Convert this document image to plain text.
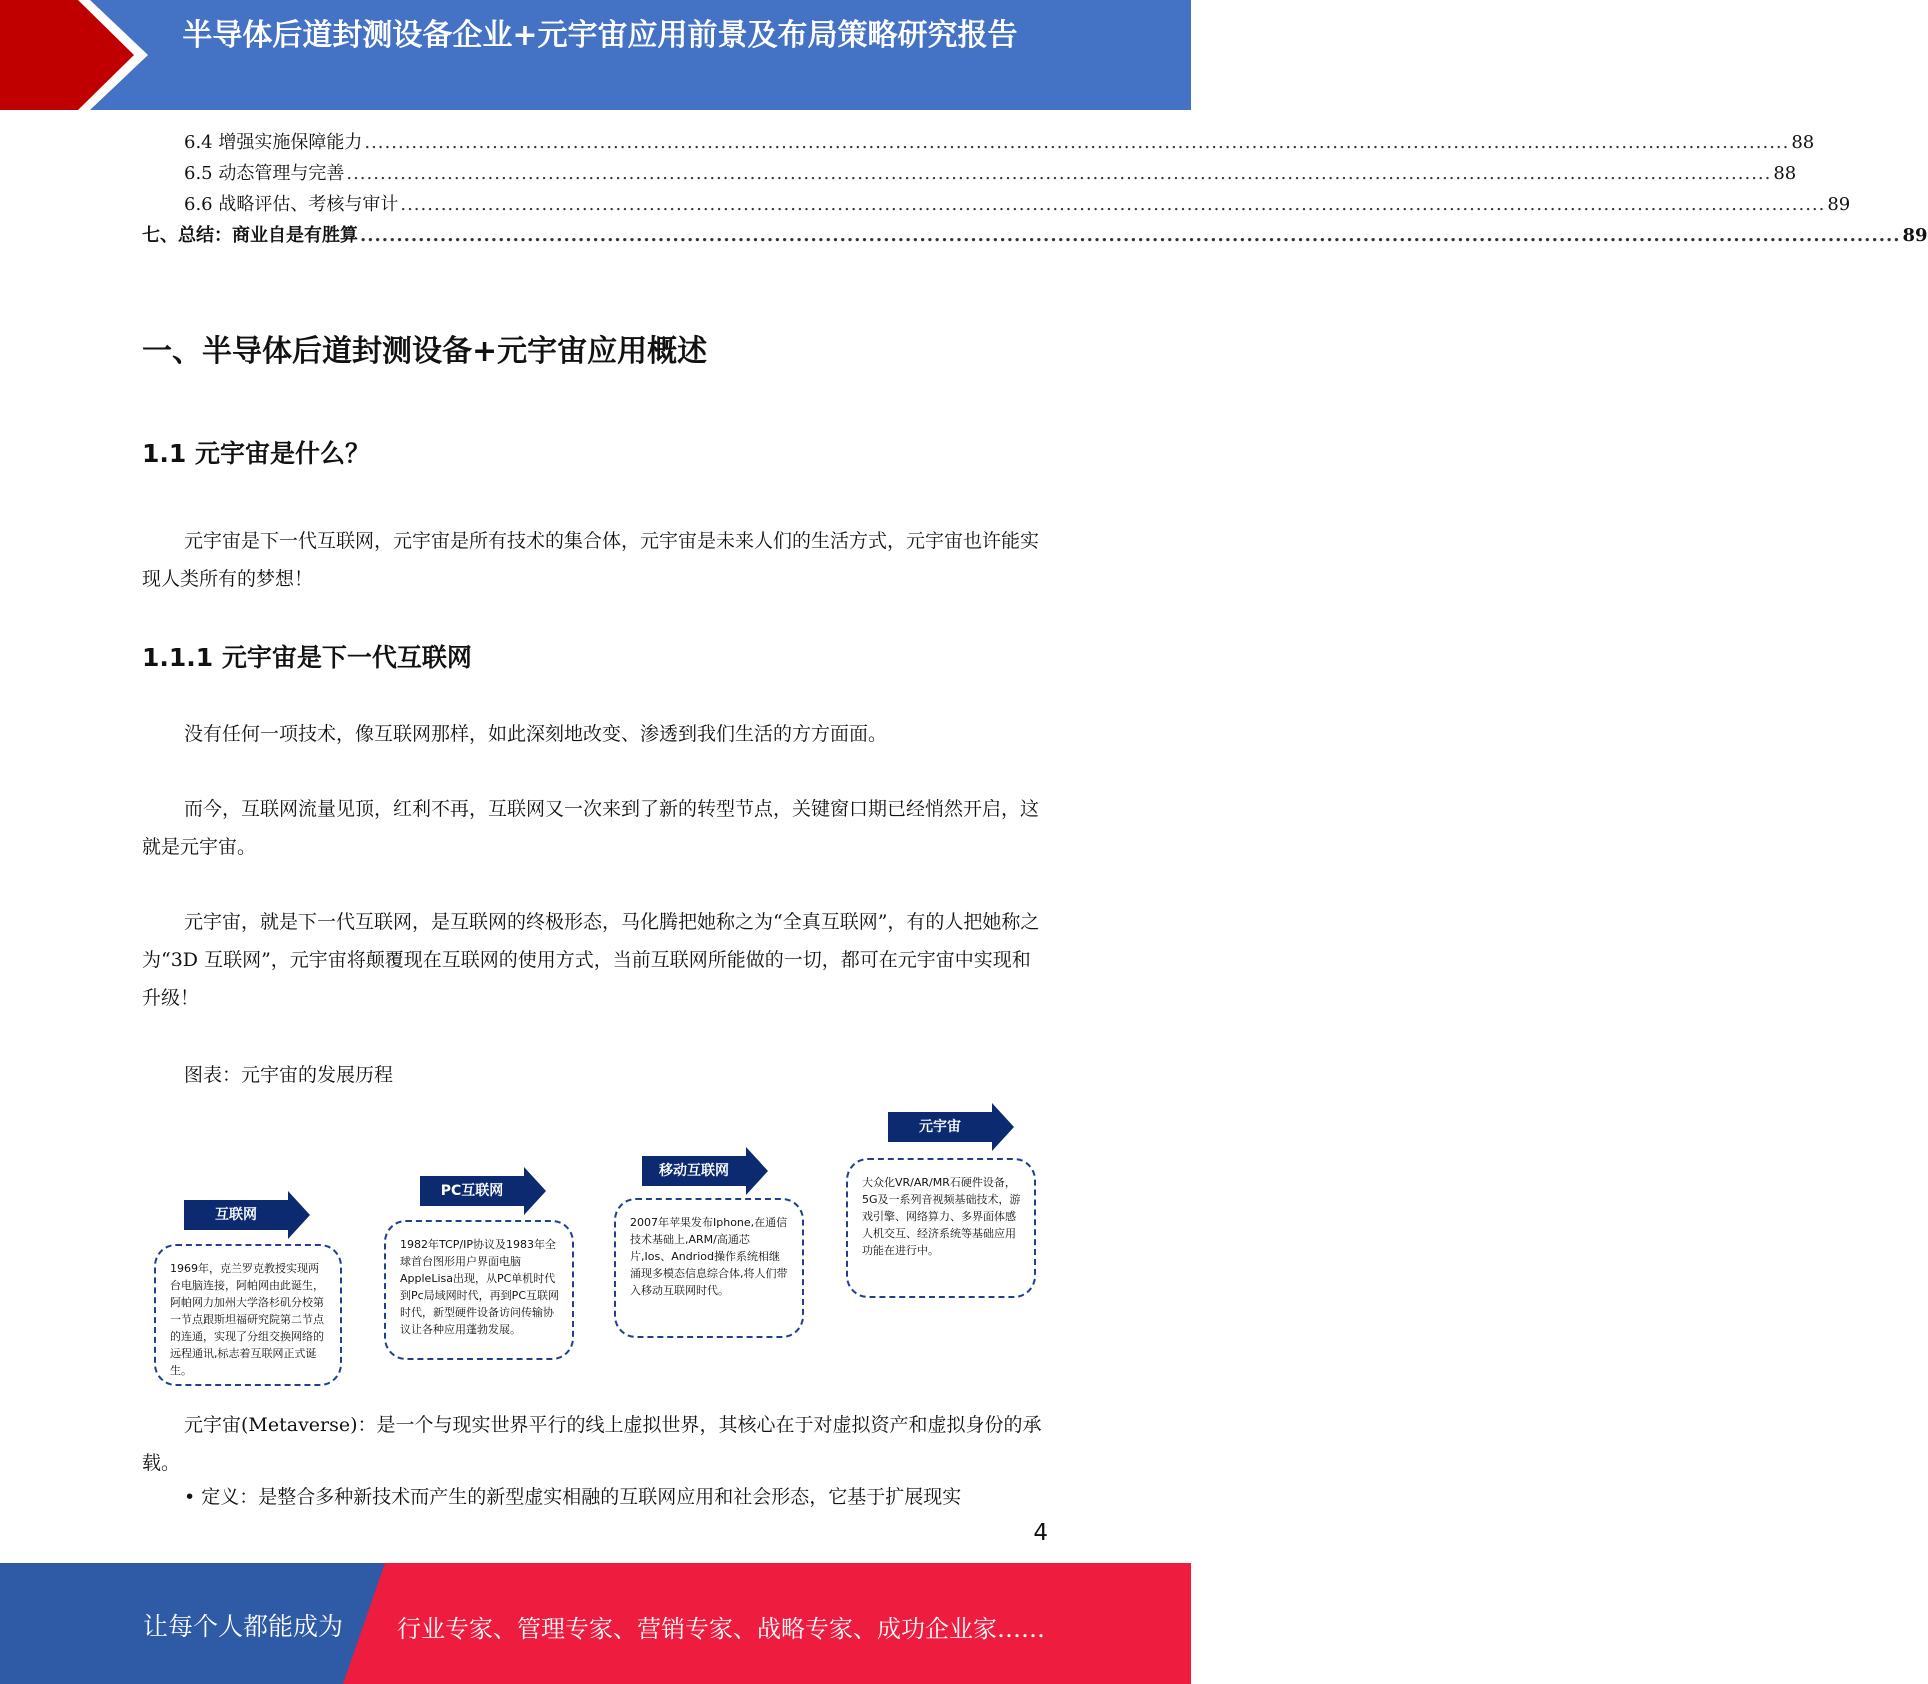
半导体后道封测设备企业+元宇宙应用前景及布局策略研究报告
6.4 增强实施保障能力 .................................................................................................................................................................................................................... 88
6.5 动态管理与完善 .................................................................................................................................................................................................................... 88
6.6 战略评估、考核与审计 .................................................................................................................................................................................................................... 89
七、总结：商业自是有胜算 .................................................................................................................................................................................................................... 89
一、半导体后道封测设备+元宇宙应用概述
1.1 元宇宙是什么？

元宇宙是下一代互联网，元宇宙是所有技术的集合体，元宇宙是未来人们的生活方式，元宇宙也许能实现人类所有的梦想！

1.1.1 元宇宙是下一代互联网

没有任何一项技术，像互联网那样，如此深刻地改变、渗透到我们生活的方方面面。

而今，互联网流量见顶，红利不再，互联网又一次来到了新的转型节点，关键窗口期已经悄然开启，这就是元宇宙。

元宇宙，就是下一代互联网，是互联网的终极形态，马化腾把她称之为“全真互联网”，有的人把她称之为“3D 互联网”，元宇宙将颠覆现在互联网的使用方式，当前互联网所能做的一切，都可在元宇宙中实现和升级！

图表：元宇宙的发展历程
互联网
1969年，克兰罗克教授实现两台电脑连接，阿帕网由此诞生，阿帕网力加州大学洛杉矶分校第一节点跟斯坦福研究院第二节点的连通，实现了分组交换网络的远程通讯,标志着互联网正式诞生。
PC互联网
1982年TCP/IP协议及1983年全球首台图形用户界面电脑AppleLisa出现，从PC单机时代到Pc局域网时代，再到PC互联网时代，新型硬件设备访问传输协议让各种应用蓬勃发展。
移动互联网
2007年苹果发布Iphone,在通信技术基础上,ARM/高通芯片,Ios、Andriod操作系统相继涌现多模态信息综合体,将人们带入移动互联网时代。
元宇宙
大众化VR/AR/MR石硬件设备，5G及一系列音视频基础技术，游戏引擎、网络算力、多界面体感人机交互、经济系统等基础应用功能在进行中。

元宇宙(Metaverse)：是一个与现实世界平行的线上虚拟世界，其核心在于对虚拟资产和虚拟身份的承载。

• 定义：是整合多种新技术而产生的新型虚实相融的互联网应用和社会形态，它基于扩展现实
4
让每个人都能成为 行业专家、管理专家、营销专家、战略专家、成功企业家……
